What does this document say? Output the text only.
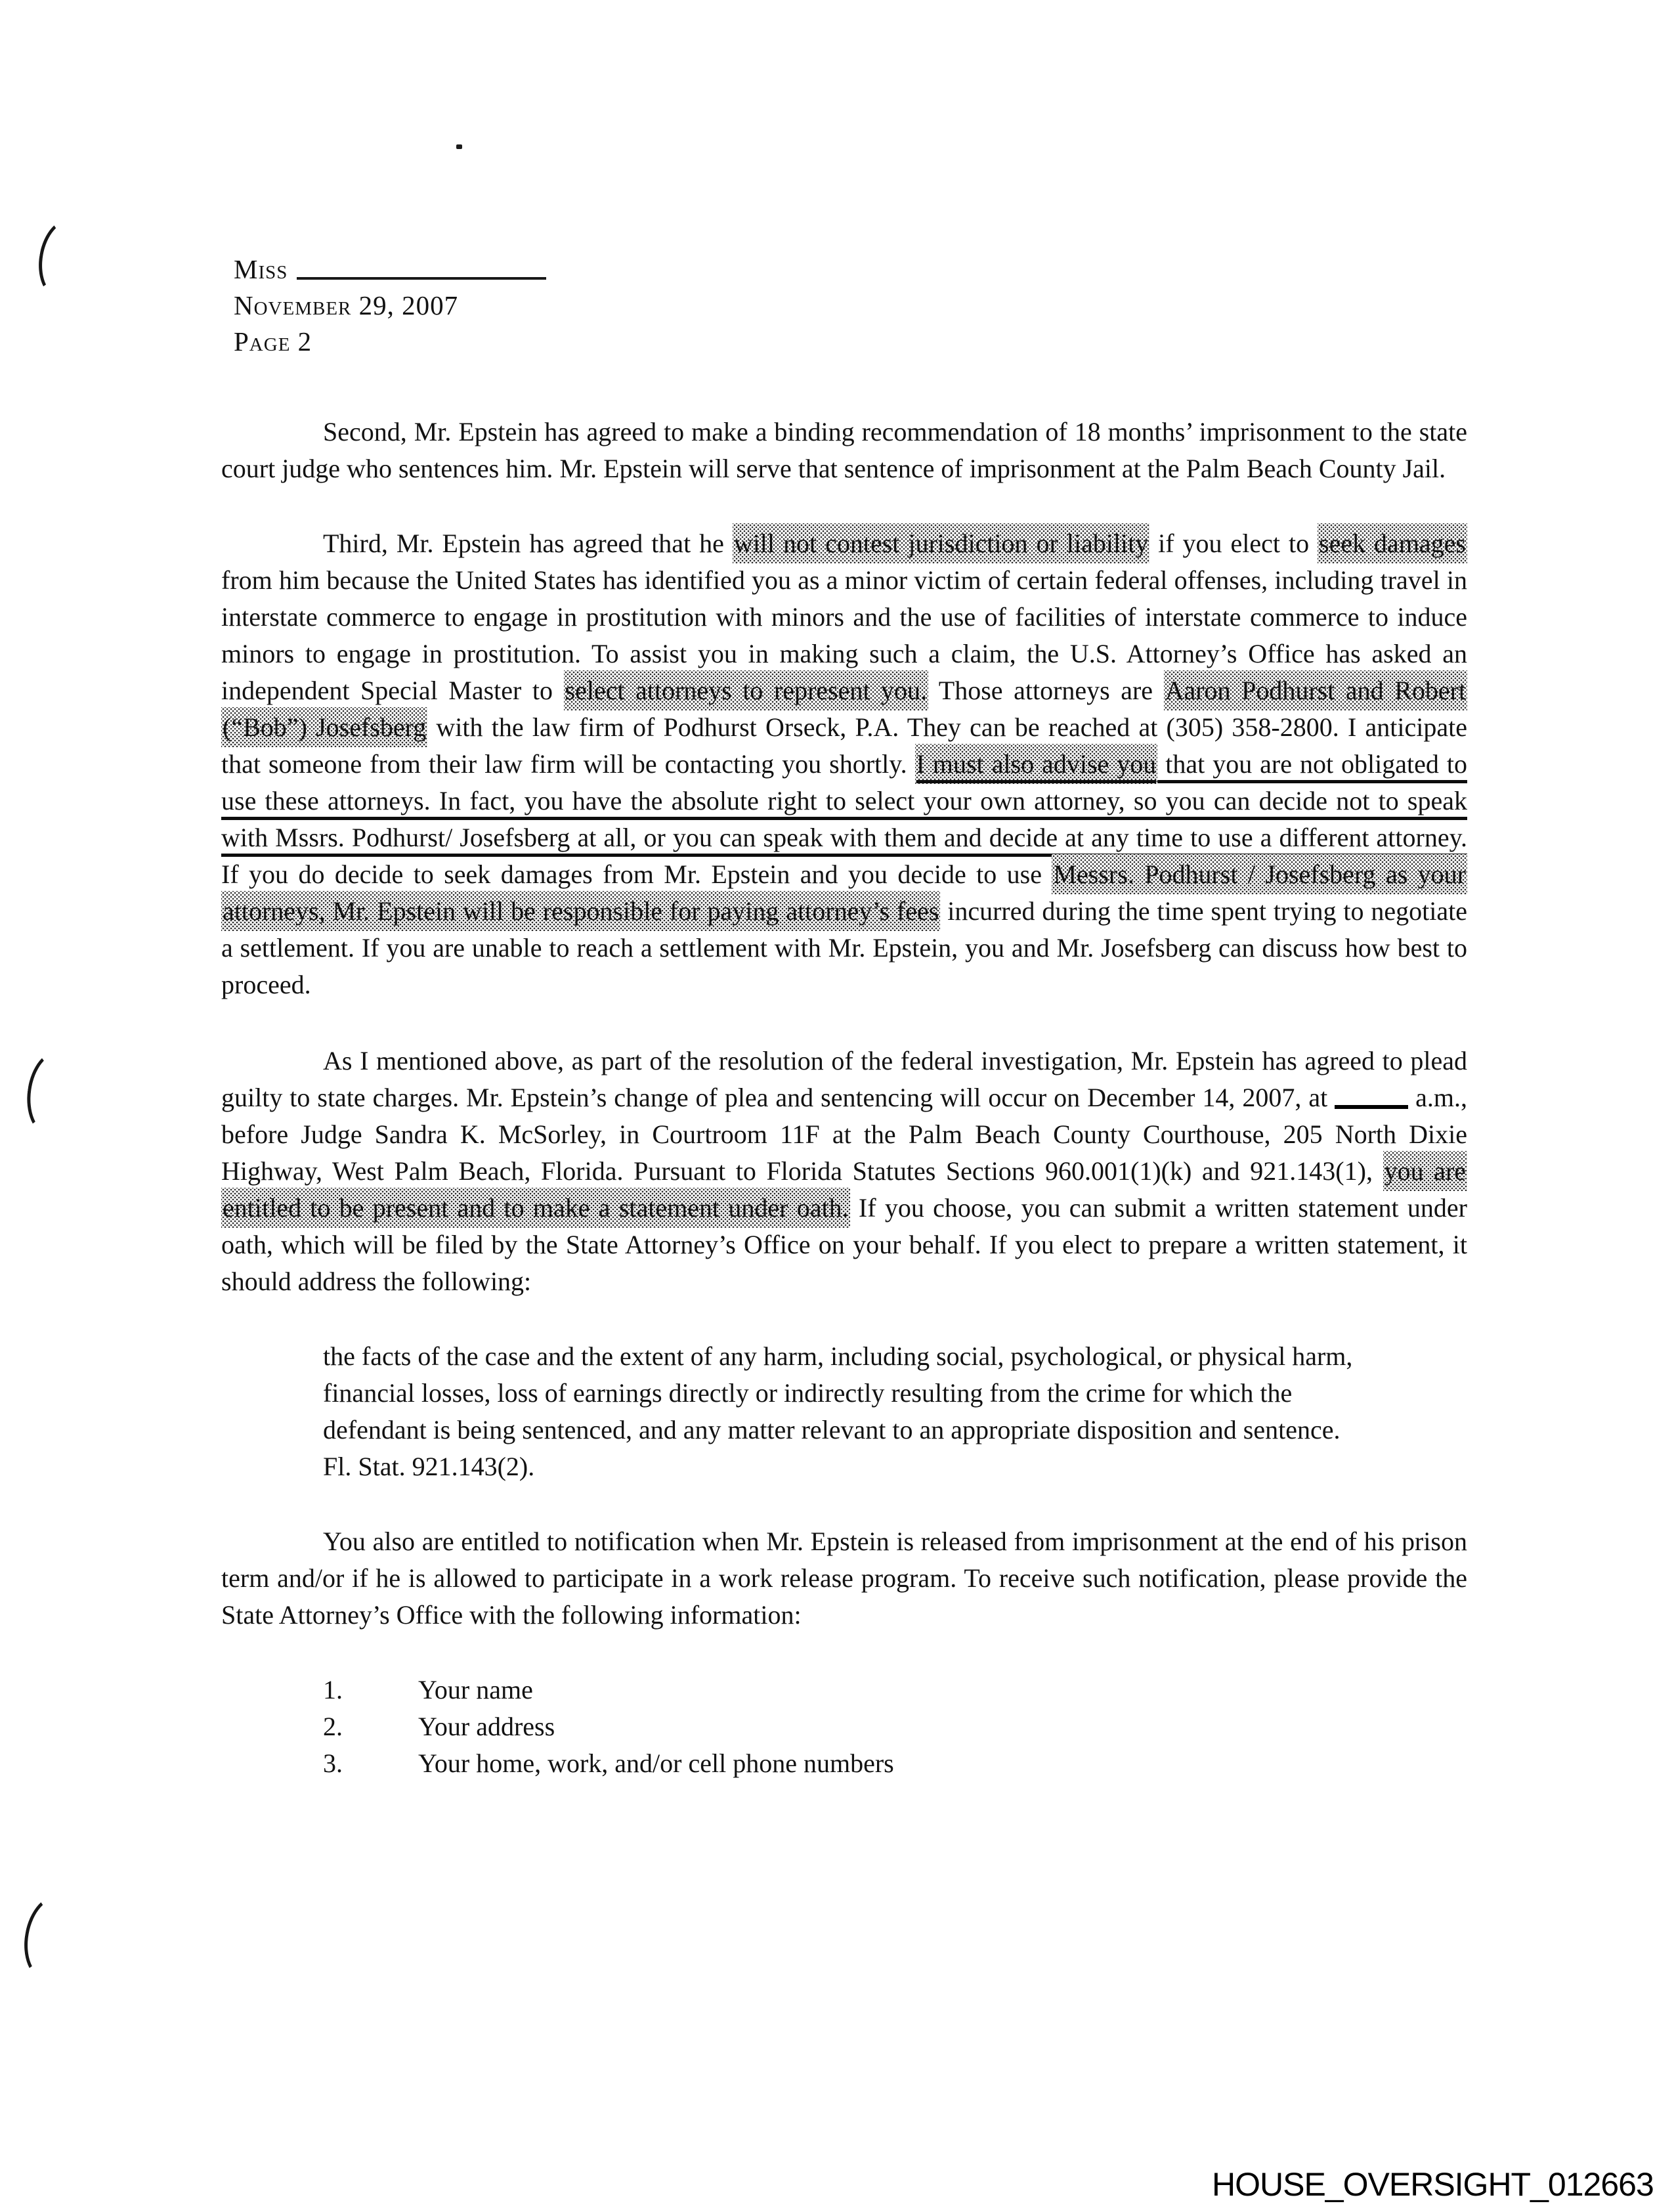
Miss
November 29, 2007
Page 2

Second, Mr. Epstein has agreed to make a binding recommendation of 18 months’ imprisonment to the state court judge who sentences him. Mr. Epstein will serve that sentence of imprisonment at the Palm Beach County Jail.

Third, Mr. Epstein has agreed that he will not contest jurisdiction or liability if you elect to seek damages from him because the United States has identified you as a minor victim of certain federal offenses, including travel in interstate commerce to engage in prostitution with minors and the use of facilities of interstate commerce to induce minors to engage in prostitution. To assist you in making such a claim, the U.S. Attorney’s Office has asked an independent Special Master to select attorneys to represent you. Those attorneys are Aaron Podhurst and Robert (“Bob”) Josefsberg with the law firm of Podhurst Orseck, P.A. They can be reached at (305) 358-2800. I anticipate that someone from their law firm will be contacting you shortly. I must also advise you that you are not obligated to use these attorneys. In fact, you have the absolute right to select your own attorney, so you can decide not to speak with Mssrs. Podhurst/ Josefsberg at all, or you can speak with them and decide at any time to use a different attorney. If you do decide to seek damages from Mr. Epstein and you decide to use Messrs. Podhurst / Josefsberg as your attorneys, Mr. Epstein will be responsible for paying attorney’s fees incurred during the time spent trying to negotiate a settlement. If you are unable to reach a settlement with Mr. Epstein, you and Mr. Josefsberg can discuss how best to proceed.

As I mentioned above, as part of the resolution of the federal investigation, Mr. Epstein has agreed to plead guilty to state charges. Mr. Epstein’s change of plea and sentencing will occur on December 14, 2007, at	a.m., before Judge Sandra K. McSorley, in Courtroom 11F at the Palm Beach County Courthouse, 205 North Dixie Highway, West Palm Beach, Florida. Pursuant to Florida Statutes Sections 960.001(1)(k) and 921.143(1), you are entitled to be present and to make a statement under oath. If you choose, you can submit a written statement under oath, which will be filed by the State Attorney’s Office on your behalf. If you elect to prepare a written statement, it should address the following:

the facts of the case and the extent of any harm, including social, psychological, or physical harm, financial losses, loss of earnings directly or indirectly resulting from the crime for which the defendant is being sentenced, and any matter relevant to an appropriate disposition and sentence. Fl. Stat. 921.143(2).

You also are entitled to notification when Mr. Epstein is released from imprisonment at the end of his prison term and/or if he is allowed to participate in a work release program. To receive such notification, please provide the State Attorney’s Office with the following information:

1.	Your name
2.	Your address
3.	Your home, work, and/or cell phone numbers
HOUSE_OVERSIGHT_012663
